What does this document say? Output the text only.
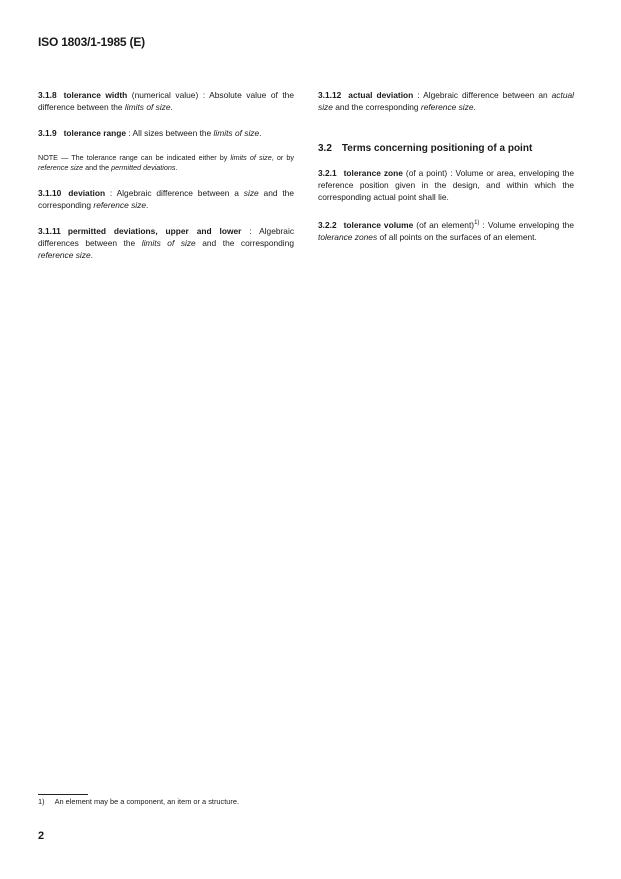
ISO 1803/1-1985 (E)

3.1.8 tolerance width (numerical value) : Absolute value of the difference between the limits of size.

3.1.9 tolerance range : All sizes between the limits of size.

NOTE — The tolerance range can be indicated either by limits of size, or by reference size and the permitted deviations.

3.1.10 deviation : Algebraic difference between a size and the corresponding reference size.

3.1.11 permitted deviations, upper and lower : Algebraic differences between the limits of size and the corresponding reference size.

3.1.12 actual deviation : Algebraic difference between an actual size and the corresponding reference size.

3.2 Terms concerning positioning of a point

3.2.1 tolerance zone (of a point) : Volume or area, enveloping the reference position given in the design, and within which the corresponding actual point shall lie.

3.2.2 tolerance volume (of an element)$^{1)}$ : Volume enveloping the tolerance zones of all points on the surfaces of an element.

1) An element may be a component, an item or a structure.
2
